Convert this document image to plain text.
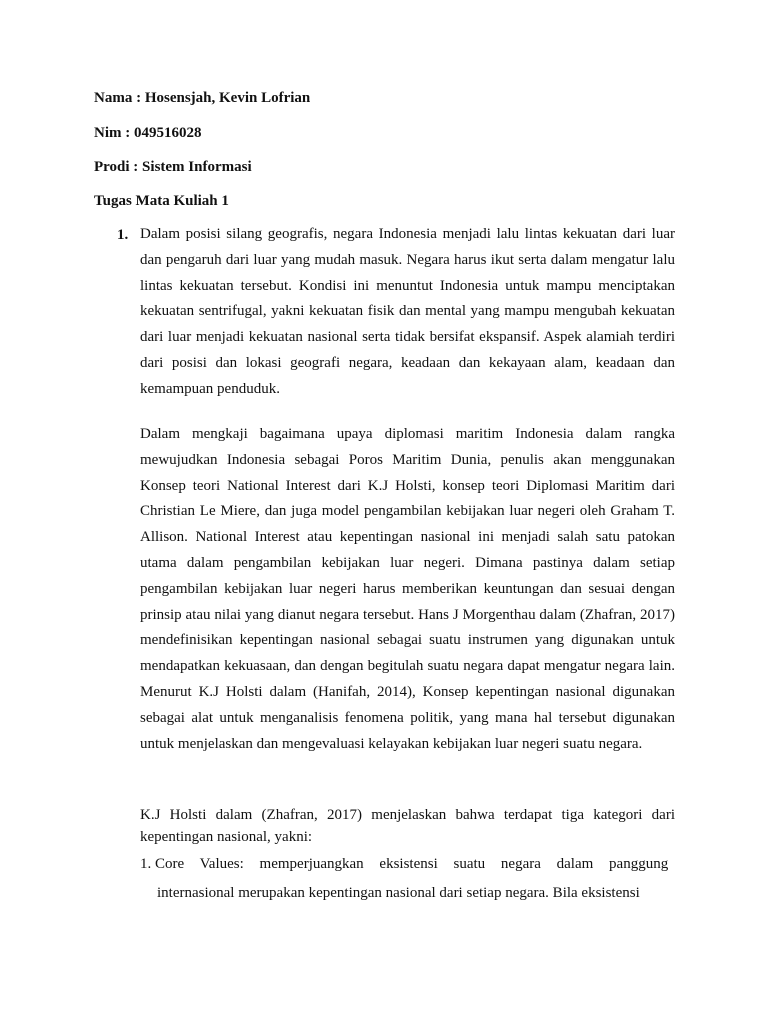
Nama : Hosensjah, Kevin Lofrian

Nim : 049516028

Prodi : Sistem Informasi

Tugas Mata Kuliah 1

1. Dalam posisi silang geografis, negara Indonesia menjadi lalu lintas kekuatan dari luar dan pengaruh dari luar yang mudah masuk. Negara harus ikut serta dalam mengatur lalu lintas kekuatan tersebut. Kondisi ini menuntut Indonesia untuk mampu menciptakan kekuatan sentrifugal, yakni kekuatan fisik dan mental yang mampu mengubah kekuatan dari luar menjadi kekuatan nasional serta tidak bersifat ekspansif. Aspek alamiah terdiri dari posisi dan lokasi geografi negara, keadaan dan kekayaan alam, keadaan dan kemampuan penduduk.

Dalam mengkaji bagaimana upaya diplomasi maritim Indonesia dalam rangka mewujudkan Indonesia sebagai Poros Maritim Dunia, penulis akan menggunakan Konsep teori National Interest dari K.J Holsti, konsep teori Diplomasi Maritim dari Christian Le Miere, dan juga model pengambilan kebijakan luar negeri oleh Graham T. Allison. National Interest atau kepentingan nasional ini menjadi salah satu patokan utama dalam pengambilan kebijakan luar negeri. Dimana pastinya dalam setiap pengambilan kebijakan luar negeri harus memberikan keuntungan dan sesuai dengan prinsip atau nilai yang dianut negara tersebut. Hans J Morgenthau dalam (Zhafran, 2017) mendefinisikan kepentingan nasional sebagai suatu instrumen yang digunakan untuk mendapatkan kekuasaan, dan dengan begitulah suatu negara dapat mengatur negara lain. Menurut K.J Holsti dalam (Hanifah, 2014), Konsep kepentingan nasional digunakan sebagai alat untuk menganalisis fenomena politik, yang mana hal tersebut digunakan untuk menjelaskan dan mengevaluasi kelayakan kebijakan luar negeri suatu negara.

K.J Holsti dalam (Zhafran, 2017) menjelaskan bahwa terdapat tiga kategori dari kepentingan nasional, yakni:

1. Core Values: memperjuangkan eksistensi suatu negara dalam panggung
internasional merupakan kepentingan nasional dari setiap negara. Bila eksistensi
